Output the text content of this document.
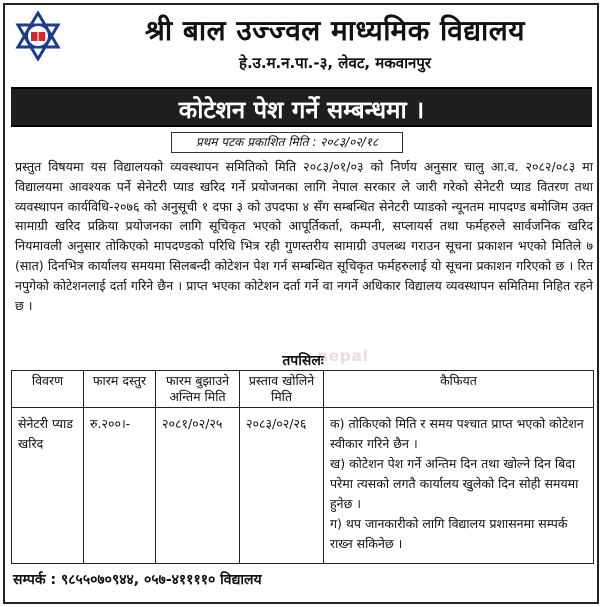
श्री बाल उज्ज्वल माध्यमिक विद्यालय
हे.उ.म.न.पा.-३, लेवट, मकवानपुर
कोटेशन पेश गर्ने सम्बन्धमा ।
प्रथम पटक प्रकाशित मिति : २०८३/०२/१८

प्रस्तुत विषयमा यस विद्यालयको व्यवस्थापन समितिको मिति २०८३/०१/०३ को निर्णय अनुसार चालु आ.व. २०८२/०८३ मा विद्यालयमा आवश्यक पर्ने सेनेटरी प्याड खरिद गर्ने प्रयोजनका लागि नेपाल सरकार ले जारी गरेको सेनेटरी प्याड वितरण तथा व्यवस्थापन कार्यविधि-२०७६ को अनुसूची १ दफा ३ को उपदफा ४ सँग सम्बन्धित सेनेटरी प्याडको न्यूनतम मापदण्ड बमोजिम उक्त सामाग्री खरिद प्रक्रिया प्रयोजनका लागि सूचिकृत भएको आपूर्तिकर्ता, कम्पनी, सप्लायर्स तथा फर्महरुले सार्वजनिक खरिद नियमावली अनुसार तोकिएको मापदण्डको परिधि भित्र रही गुणस्तरीय सामाग्री उपलब्ध गराउन सूचना प्रकाशन भएको मितिले ७ (सात) दिनभित्र कार्यालय समयमा सिलबन्दी कोटेशन पेश गर्न सम्बन्धित सूचिकृत फर्महरुलाई यो सूचना प्रकाशन गरिएको छ । रित नपुगेको कोटेशनलाई दर्ता गरिने छैन । प्राप्त भएका कोटेशन दर्ता गर्ने वा नगर्ने अधिकार विद्यालय व्यवस्थापन समितिमा निहित रहने छ ।

nepal
तपसिलः
विवरण	फारम दस्तुर	फारम बुझाउने अन्तिम मिति	प्रस्ताव खोलिने मिति	कैफियत
सेनेटरी प्याड खरिद	रु.२००।-	२०८१/०२/२५	२०८३/०२/२६	क) तोकिएको मिति र समय पश्चात प्राप्त भएको कोटेशन स्वीकार गरिने छैन ।
ख) कोटेशन पेश गर्ने अन्तिम दिन तथा खोल्ने दिन बिदा परेमा त्यसको लगतै कार्यालय खुलेको दिन सोही समयमा हुनेछ ।
ग) थप जानकारीको लागि विद्यालय प्रशासनमा सम्पर्क राख्न सकिनेछ ।
सम्पर्क : ९८५५०७०९४४, ०५७-४११११० विद्यालय
